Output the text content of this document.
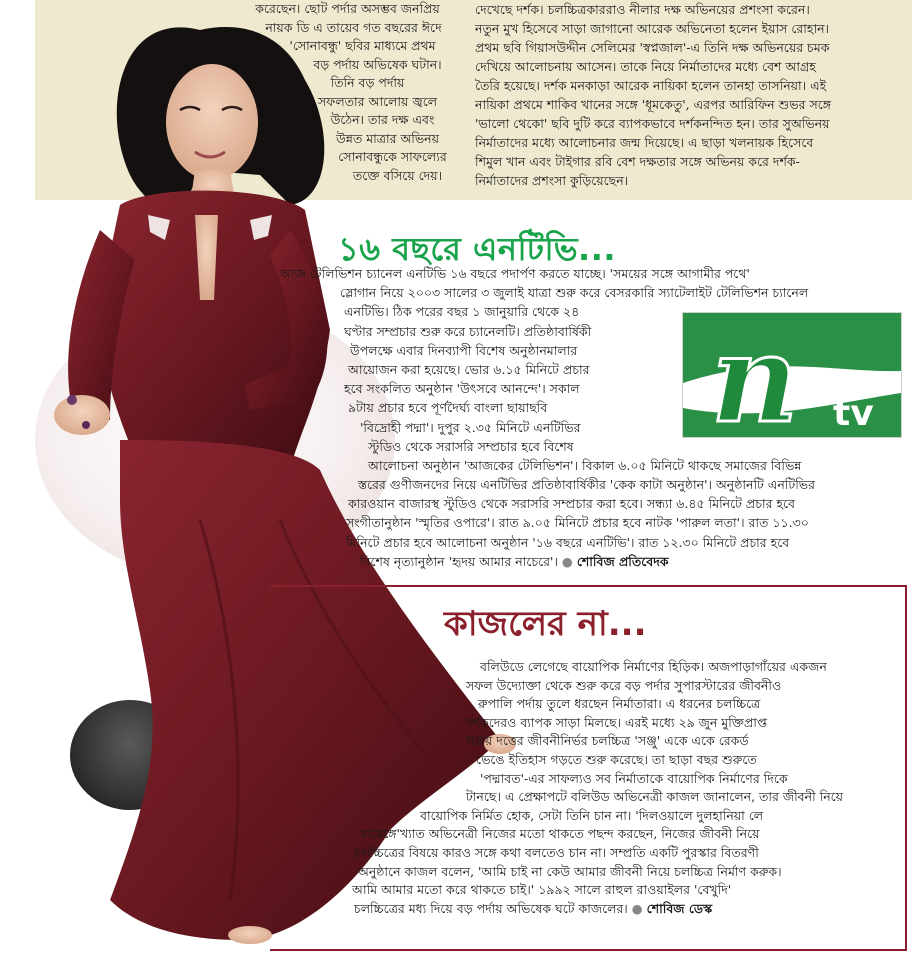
করেছেন। ছোট পর্দার অসম্ভব জনপ্রিয়

নায়ক ডি এ তায়েব গত বছরের ঈদে

'সোনাবন্ধু' ছবির মাধ্যমে প্রথম

বড় পর্দায় অভিষেক ঘটান।

তিনি বড় পর্দায়

সফলতার আলোয় জ্বলে

উঠেন। তার দক্ষ এবং

উন্নত মাত্রার অভিনয়

সোনাবন্ধুকে সাফল্যের

তক্তে বসিয়ে দেয়।

দেখেছে দর্শক। চলচ্চিত্রকাররাও নীলার দক্ষ অভিনয়ের প্রশংসা করেন।

নতুন মুখ হিসেবে সাড়া জাগানো আরেক অভিনেতা হলেন ইয়াস রোহান।

প্রথম ছবি গিয়াসউদ্দীন সেলিমের 'স্বপ্নজাল'-এ তিনি দক্ষ অভিনয়ের চমক

দেখিয়ে আলোচনায় আসেন। তাকে নিয়ে নির্মাতাদের মধ্যে বেশ আগ্রহ

তৈরি হয়েছে। দর্শক মনকাড়া আরেক নায়িকা হলেন তানহা তাসনিয়া। এই

নায়িকা প্রথমে শাকিব খানের সঙ্গে 'ধূমকেতু', এরপর আরিফিন শুভর সঙ্গে

'ভালো থেকো' ছবি দুটি করে ব্যাপকভাবে দর্শকনন্দিত হন। তার সুঅভিনয়

নির্মাতাদের মধ্যে আলোচনার জন্ম দিয়েছে। এ ছাড়া খলনায়ক হিসেবে

শিমুল খান এবং টাইগার রবি বেশ দক্ষতার সঙ্গে অভিনয় করে দর্শক-

নির্মাতাদের প্রশংসা কুড়িয়েছেন।

১৬ বছরে এনটিভি...
আজ টেলিভিশন চ্যানেল এনটিভি ১৬ বছরে পদার্পণ করতে যাচ্ছে। 'সময়ের সঙ্গে আগামীর পথে'
স্লোগান নিয়ে ২০০৩ সালের ৩ জুলাই যাত্রা শুরু করে বেসরকারি স্যাটেলাইট টেলিভিশন চ্যানেল
এনটিভি। ঠিক পরের বছর ১ জানুয়ারি থেকে ২৪
ঘণ্টার সম্প্রচার শুরু করে চ্যানেলটি। প্রতিষ্ঠাবার্ষিকী
উপলক্ষে এবার দিনব্যাপী বিশেষ অনুষ্ঠানমালার
আয়োজন করা হয়েছে। ভোর ৬.১৫ মিনিটে প্রচার
হবে সংকলিত অনুষ্ঠান 'উৎসবে আনন্দে'। সকাল
৯টায় প্রচার হবে পূর্ণদৈর্ঘ্য বাংলা ছায়াছবি
'বিদ্রোহী পদ্মা'। দুপুর ২.৩৫ মিনিটে এনটিভির
স্টুডিও থেকে সরাসরি সম্প্রচার হবে বিশেষ
আলোচনা অনুষ্ঠান 'আজকের টেলিভিশন'। বিকাল ৬.০৫ মিনিটে থাকছে সমাজের বিভিন্ন
স্তরের গুণীজনদের নিয়ে এনটিভির প্রতিষ্ঠাবার্ষিকীর 'কেক কাটা অনুষ্ঠান'। অনুষ্ঠানটি এনটিভির
কারওয়ান বাজারস্থ স্টুডিও থেকে সরাসরি সম্প্রচার করা হবে। সন্ধ্যা ৬.৪৫ মিনিটে প্রচার হবে
সংগীতানুষ্ঠান 'স্মৃতির ওপারে'। রাত ৯.০৫ মিনিটে প্রচার হবে নাটক 'পারুল লতা'। রাত ১১.৩০
মিনিটে প্রচার হবে আলোচনা অনুষ্ঠান '১৬ বছরে এনটিভি'। রাত ১২.৩০ মিনিটে প্রচার হবে
বিশেষ নৃত্যানুষ্ঠান 'হৃদয় আমার নাচেরে'। ● শোবিজ প্রতিবেদক
n tv
কাজলের না...
বলিউডে লেগেছে বায়োপিক নির্মাণের হিড়িক। অজপাড়াগাঁয়ের একজন
সফল উদ্যোক্তা থেকে শুরু করে বড় পর্দার সুপারস্টারের জীবনীও
রুপালি পর্দায় তুলে ধরছেন নির্মাতারা। এ ধরনের চলচ্চিত্রে
দর্শকদেরও ব্যাপক সাড়া মিলছে। এরই মধ্যে ২৯ জুন মুক্তিপ্রাপ্ত
সঞ্জয় দত্তের জীবনীনির্ভর চলচ্চিত্র 'সঞ্জু' একে একে রেকর্ড
ভেঙে ইতিহাস গড়তে শুরু করেছে। তা ছাড়া বছর শুরুতে
'পদ্মাবত'-এর সাফল্যও সব নির্মাতাকে বায়োপিক নির্মাণের দিকে
টানছে। এ প্রেক্ষাপটে বলিউড অভিনেত্রী কাজল জানালেন, তার জীবনী নিয়ে
বায়োপিক নির্মিত হোক, সেটা তিনি চান না। 'দিলওয়ালে দুলহানিয়া লে
যায়েঙ্গে'খ্যাত অভিনেত্রী নিজের মতো থাকতে পছন্দ করছেন, নিজের জীবনী নিয়ে
চলচ্চিত্রের বিষয়ে কারও সঙ্গে কথা বলতেও চান না। সম্প্রতি একটি পুরস্কার বিতরণী
অনুষ্ঠানে কাজল বলেন, 'আমি চাই না কেউ আমার জীবনী নিয়ে চলচ্চিত্র নির্মাণ করুক।
আমি আমার মতো করে থাকতে চাই।' ১৯৯২ সালে রাহুল রাওয়াইলর 'বেখুদি'
চলচ্চিত্রের মধ্য দিয়ে বড় পর্দায় অভিষেক ঘটে কাজলের। ● শোবিজ ডেস্ক
